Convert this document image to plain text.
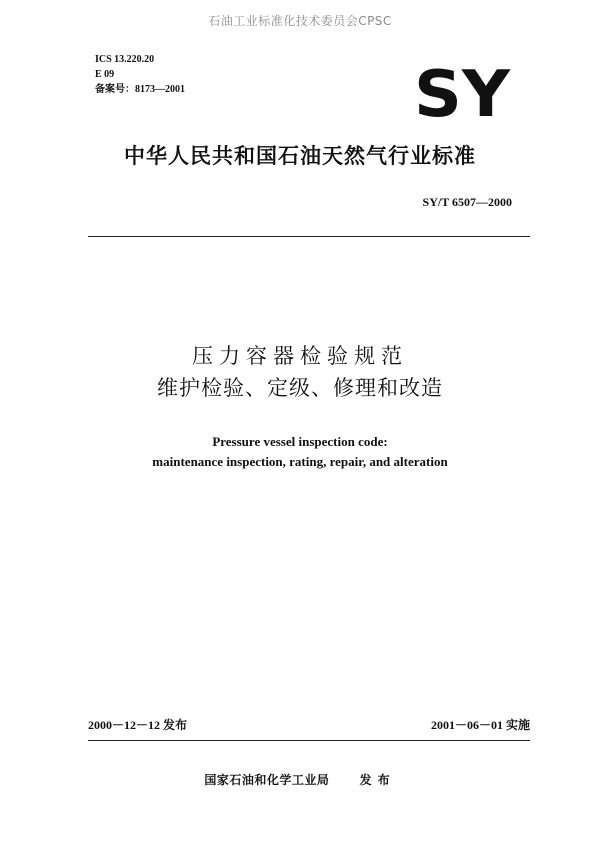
石油工业标准化技术委员会CPSC
ICS 13.220.20
E 09
备案号：8173—2001	SY
中华人民共和国石油天然气行业标准
SY/T 6507—2000
压力容器检验规范
维护检验、定级、修理和改造
Pressure vessel inspection code:
maintenance inspection, rating, repair, and alteration
2000－12－12 发布	2001－06－01 实施
国家石油和化学工业局	发布
